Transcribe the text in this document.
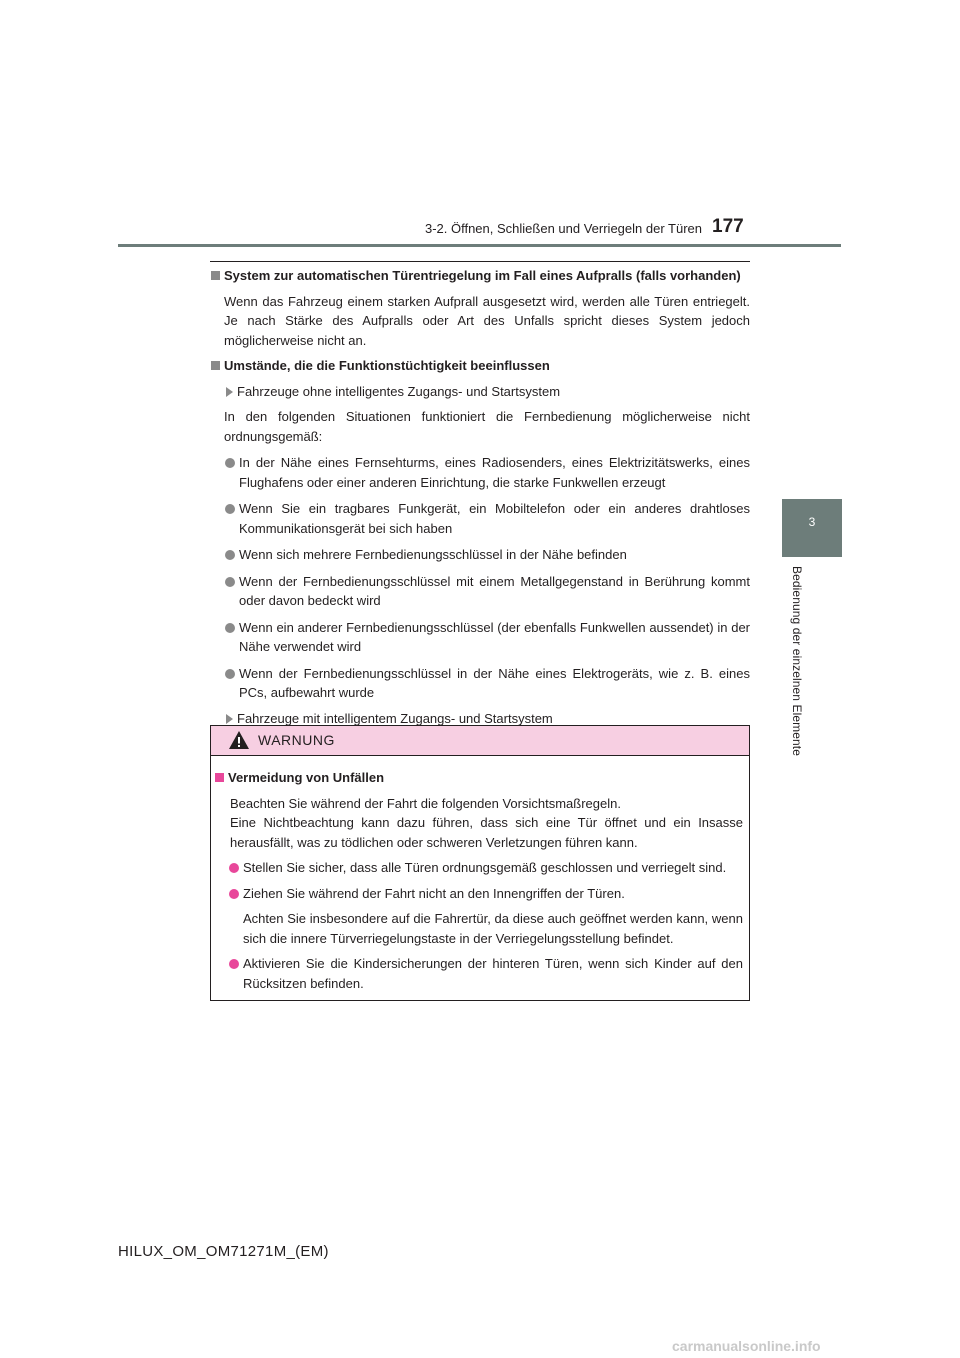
3-2. Öffnen, Schließen und Verriegeln der Türen 177
3
Bedienung der einzelnen Elemente
System zur automatischen Türentriegelung im Fall eines Aufpralls (falls vorhanden)
Wenn das Fahrzeug einem starken Aufprall ausgesetzt wird, werden alle Türen entriegelt. Je nach Stärke des Aufpralls oder Art des Unfalls spricht dieses System jedoch möglicherweise nicht an.
Umstände, die die Funktionstüchtigkeit beeinflussen
Fahrzeuge ohne intelligentes Zugangs- und Startsystem
In den folgenden Situationen funktioniert die Fernbedienung möglicherweise nicht ordnungsgemäß:
In der Nähe eines Fernsehturms, eines Radiosenders, eines Elektrizitätswerks, eines Flughafens oder einer anderen Einrichtung, die starke Funkwellen erzeugt
Wenn Sie ein tragbares Funkgerät, ein Mobiltelefon oder ein anderes drahtloses Kommunikationsgerät bei sich haben
Wenn sich mehrere Fernbedienungsschlüssel in der Nähe befinden
Wenn der Fernbedienungsschlüssel mit einem Metallgegenstand in Berührung kommt oder davon bedeckt wird
Wenn ein anderer Fernbedienungsschlüssel (der ebenfalls Funkwellen aussendet) in der Nähe verwendet wird
Wenn der Fernbedienungsschlüssel in der Nähe eines Elektrogeräts, wie z. B. eines PCs, aufbewahrt wurde
Fahrzeuge mit intelligentem Zugangs- und Startsystem
WARNUNG
Vermeidung von Unfällen
Beachten Sie während der Fahrt die folgenden Vorsichtsmaßregeln.
Eine Nichtbeachtung kann dazu führen, dass sich eine Tür öffnet und ein Insasse herausfällt, was zu tödlichen oder schweren Verletzungen führen kann.
Stellen Sie sicher, dass alle Türen ordnungsgemäß geschlossen und verriegelt sind.
Ziehen Sie während der Fahrt nicht an den Innengriffen der Türen.
Achten Sie insbesondere auf die Fahrertür, da diese auch geöffnet werden kann, wenn sich die innere Türverriegelungstaste in der Verriegelungsstellung befindet.
Aktivieren Sie die Kindersicherungen der hinteren Türen, wenn sich Kinder auf den Rücksitzen befinden.
HILUX_OM_OM71271M_(EM)
carmanualsonline.info
